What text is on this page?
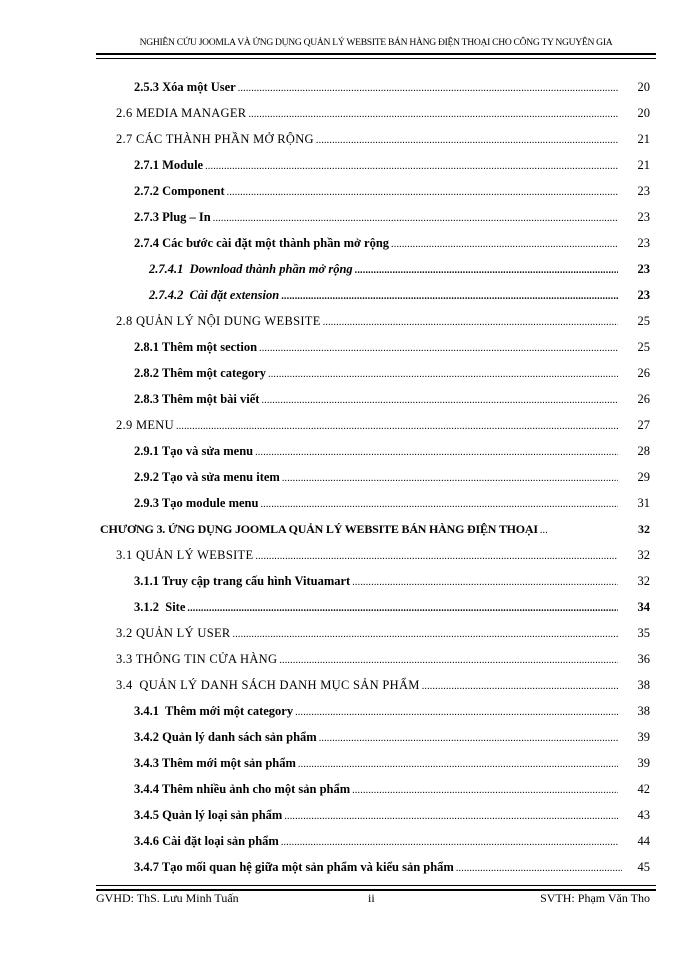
NGHIÊN CỨU JOOMLA VÀ ỨNG DỤNG QUẢN LÝ WEBSITE BÁN HÀNG ĐIỆN THOẠI CHO CÔNG TY NGUYÊN GIA
2.5.3 Xóa một User .....	20
2.6 MEDIA MANAGER .....	20
2.7 CÁC THÀNH PHẦN MỞ RỘNG .....	21
2.7.1 Module .....	21
2.7.2 Component .....	23
2.7.3 Plug – In .....	23
2.7.4 Các bước cài đặt một thành phần mở rộng .....	23
2.7.4.1  Download thành phần mở rộng .....	23
2.7.4.2  Cài đặt extension .....	23
2.8 QUẢN LÝ NỘI DUNG WEBSITE .....	25
2.8.1 Thêm một section .....	25
2.8.2 Thêm một category .....	26
2.8.3 Thêm một bài viết .....	26
2.9 MENU .....	27
2.9.1 Tạo và sửa menu .....	28
2.9.2 Tạo và sửa menu item .....	29
2.9.3 Tạo module menu .....	31
CHƯƠNG 3. ỨNG DỤNG JOOMLA QUẢN LÝ WEBSITE BÁN HÀNG ĐIỆN THOẠI .....	32
3.1 QUẢN LÝ WEBSITE .....	32
3.1.1 Truy cập trang cấu hình Vituamart .....	32
3.1.2  Site .....	34
3.2 QUẢN LÝ USER .....	35
3.3 THÔNG TIN CỬA HÀNG .....	36
3.4  QUẢN LÝ DANH SÁCH DANH MỤC SẢN PHẨM .....	38
3.4.1  Thêm mới một category .....	38
3.4.2 Quản lý danh sách sản phẩm .....	39
3.4.3 Thêm mới một sản phẩm .....	39
3.4.4 Thêm nhiều ảnh cho một sản phẩm .....	42
3.4.5 Quản lý loại sản phẩm .....	43
3.4.6 Cài đặt loại sản phẩm .....	44
3.4.7 Tạo mối quan hệ giữa một sản phẩm và kiểu sản phẩm .....	45
GVHD: ThS. Lưu Minh Tuấn	ii	SVTH: Phạm Văn Tho
